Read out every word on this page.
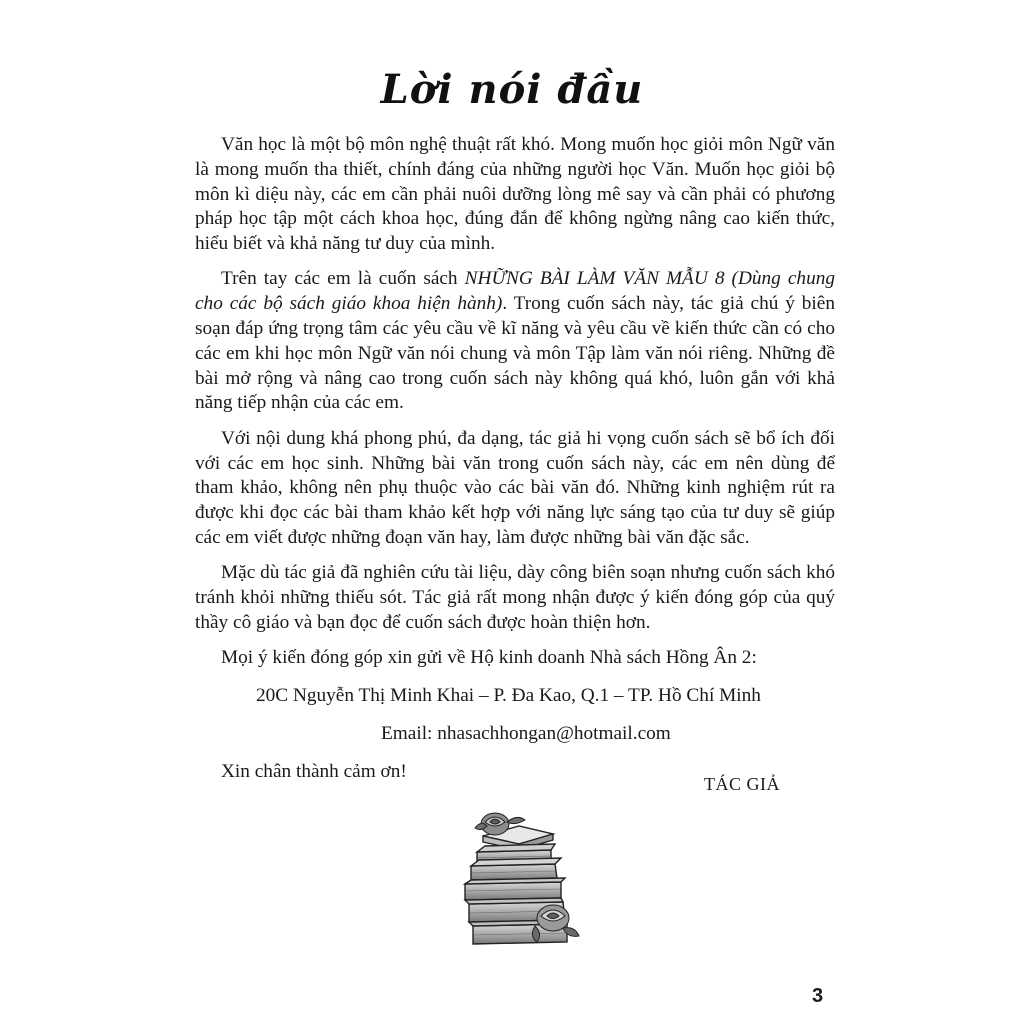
Lời nói đầu

Văn học là một bộ môn nghệ thuật rất khó. Mong muốn học giỏi môn Ngữ văn là mong muốn tha thiết, chính đáng của những người học Văn. Muốn học giỏi bộ môn kì diệu này, các em cần phải nuôi dưỡng lòng mê say và cần phải có phương pháp học tập một cách khoa học, đúng đắn để không ngừng nâng cao kiến thức, hiểu biết và khả năng tư duy của mình.

Trên tay các em là cuốn sách NHỮNG BÀI LÀM VĂN MẪU 8 (Dùng chung cho các bộ sách giáo khoa hiện hành). Trong cuốn sách này, tác giả chú ý biên soạn đáp ứng trọng tâm các yêu cầu về kĩ năng và yêu cầu về kiến thức cần có cho các em khi học môn Ngữ văn nói chung và môn Tập làm văn nói riêng. Những đề bài mở rộng và nâng cao trong cuốn sách này không quá khó, luôn gắn với khả năng tiếp nhận của các em.

Với nội dung khá phong phú, đa dạng, tác giả hi vọng cuốn sách sẽ bổ ích đối với các em học sinh. Những bài văn trong cuốn sách này, các em nên dùng để tham khảo, không nên phụ thuộc vào các bài văn đó. Những kinh nghiệm rút ra được khi đọc các bài tham khảo kết hợp với năng lực sáng tạo của tư duy sẽ giúp các em viết được những đoạn văn hay, làm được những bài văn đặc sắc.

Mặc dù tác giả đã nghiên cứu tài liệu, dày công biên soạn nhưng cuốn sách khó tránh khỏi những thiếu sót. Tác giả rất mong nhận được ý kiến đóng góp của quý thầy cô giáo và bạn đọc để cuốn sách được hoàn thiện hơn.

Mọi ý kiến đóng góp xin gửi về Hộ kinh doanh Nhà sách Hồng Ân 2:

20C Nguyễn Thị Minh Khai – P. Đa Kao, Q.1 – TP. Hồ Chí Minh

Email: nhasachhongan@hotmail.com

Xin chân thành cảm ơn!

TÁC GIẢ
3
